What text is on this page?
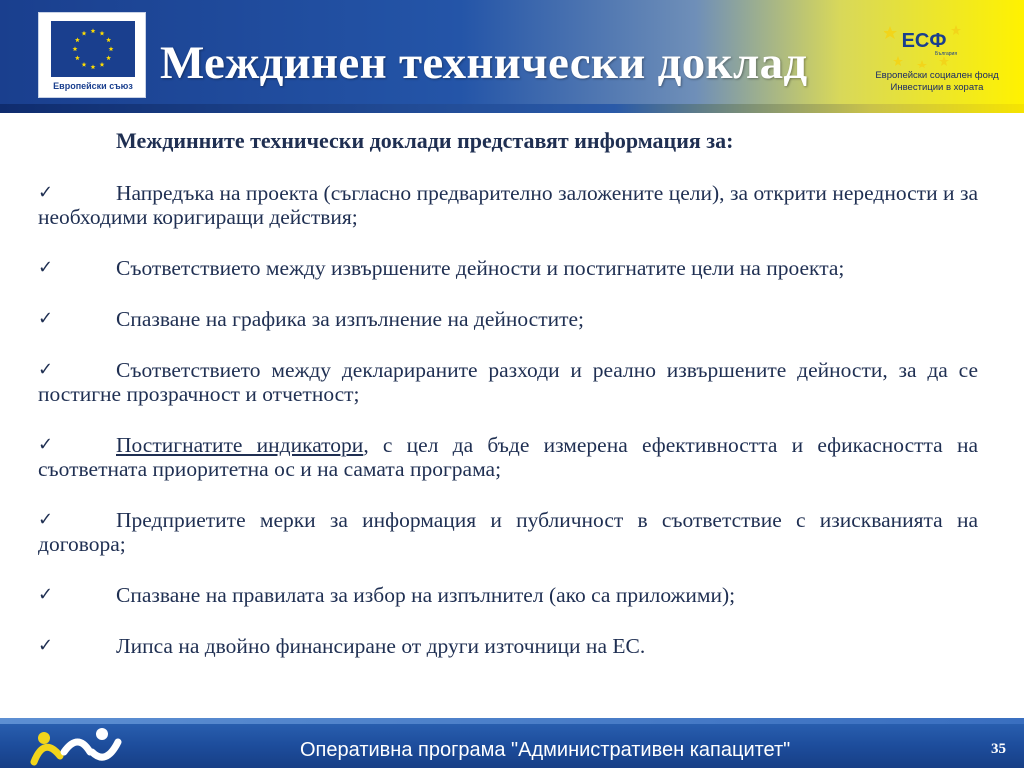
Европейски съюз Междинен технически доклад	ЕСФ
България
Европейски социален фонд
Инвестиции в хората
Междинните технически доклади представят информация за:
✓	Напредъка на проекта (съгласно предварително заложените цели), за открити нередности и за необходими коригиращи действия;
✓	Съответствието между извършените дейности и постигнатите цели на проекта;
✓	Спазване на графика за изпълнение на дейностите;
✓	Съответствието между декларираните разходи и реално извършените дейности, за да се постигне прозрачност и отчетност;
✓	Постигнатите индикатори, с цел да бъде измерена ефективността и ефикасността на съответната приоритетна ос и на самата програма;
✓	Предприетите мерки за информация и публичност в съответствие с изискванията на договора;
✓	Спазване на правилата за избор на изпълнител (ако са приложими);
✓	Липса на двойно финансиране от други източници на ЕС.
Оперативна програма "Административен капацитет"	35
